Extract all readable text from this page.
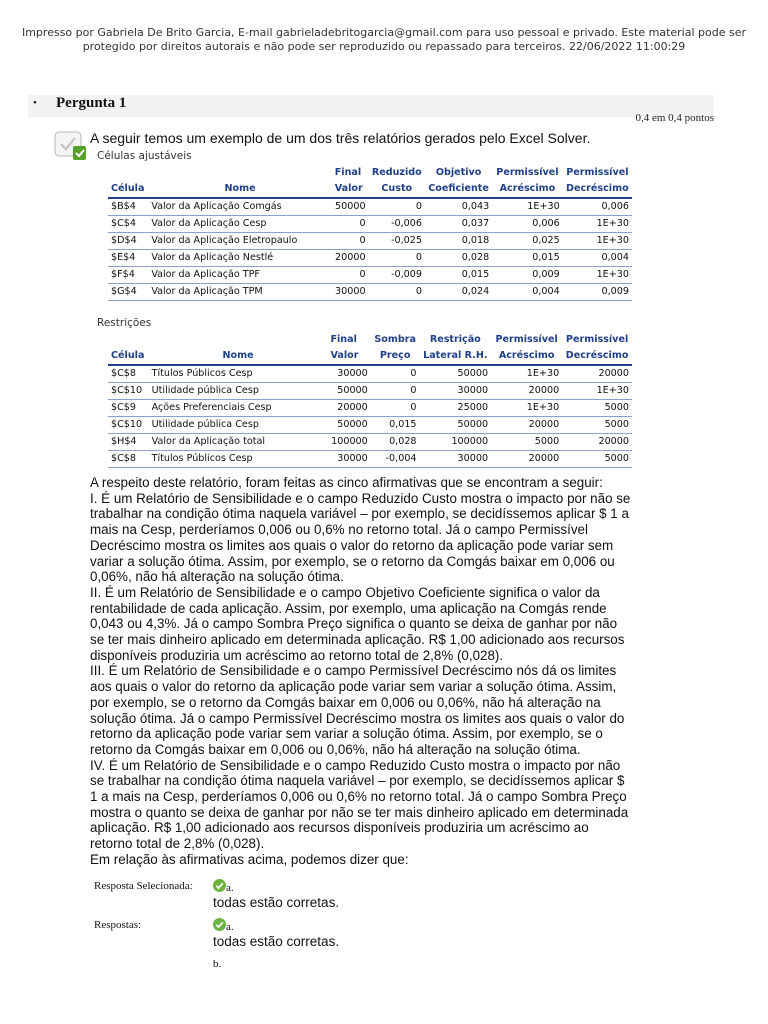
Impresso por Gabriela De Brito Garcia, E-mail gabrieladebritogarcia@gmail.com para uso pessoal e privado. Este material pode ser
protegido por direitos autorais e não pode ser reproduzido ou repassado para terceiros. 22/06/2022 11:00:29
• Pergunta 1
0,4 em 0,4 pontos
A seguir temos um exemplo de um dos três relatórios gerados pelo Excel Solver.
Células ajustáveis
		Final	Reduzido	Objetivo	Permissível	Permissível
Célula	Nome	Valor	Custo	Coeficiente	Acréscimo	Decréscimo
$B$4	Valor da Aplicação Comgás	50000	0	0,043	1E+30	0,006
$C$4	Valor da Aplicação Cesp	0	-0,006	0,037	0,006	1E+30
$D$4	Valor da Aplicação Eletropaulo	0	-0,025	0,018	0,025	1E+30
$E$4	Valor da Aplicação Nestlé	20000	0	0,028	0,015	0,004
$F$4	Valor da Aplicação TPF	0	-0,009	0,015	0,009	1E+30
$G$4	Valor da Aplicação TPM	30000	0	0,024	0,004	0,009
Restrições
		Final	Sombra	Restrição	Permissível	Permissível
Célula	Nome	Valor	Preço	Lateral R.H.	Acréscimo	Decréscimo
$C$8	Títulos Públicos Cesp	30000	0	50000	1E+30	20000
$C$10	Utilidade pública Cesp	50000	0	30000	20000	1E+30
$C$9	Ações Preferenciais Cesp	20000	0	25000	1E+30	5000
$C$10	Utilidade pública Cesp	50000	0,015	50000	20000	5000
$H$4	Valor da Aplicação total	100000	0,028	100000	5000	20000
$C$8	Títulos Públicos Cesp	30000	-0,004	30000	20000	5000

A respeito deste relatório, foram feitas as cinco afirmativas que se encontram a seguir:

I. É um Relatório de Sensibilidade e o campo Reduzido Custo mostra o impacto por não se

trabalhar na condição ótima naquela variável – por exemplo, se decidíssemos aplicar $ 1 a

mais na Cesp, perderíamos 0,006 ou 0,6% no retorno total. Já o campo Permissível

Decréscimo mostra os limites aos quais o valor do retorno da aplicação pode variar sem

variar a solução ótima. Assim, por exemplo, se o retorno da Comgás baixar em 0,006 ou

0,06%, não há alteração na solução ótima.

II. É um Relatório de Sensibilidade e o campo Objetivo Coeficiente significa o valor da

rentabilidade de cada aplicação. Assim, por exemplo, uma aplicação na Comgás rende

0,043 ou 4,3%. Já o campo Sombra Preço significa o quanto se deixa de ganhar por não

se ter mais dinheiro aplicado em determinada aplicação. R$ 1,00 adicionado aos recursos

disponíveis produziria um acréscimo ao retorno total de 2,8% (0,028).

III. É um Relatório de Sensibilidade e o campo Permissível Decréscimo nós dá os limites

aos quais o valor do retorno da aplicação pode variar sem variar a solução ótima. Assim,

por exemplo, se o retorno da Comgás baixar em 0,006 ou 0,06%, não há alteração na

solução ótima. Já o campo Permissível Decréscimo mostra os limites aos quais o valor do

retorno da aplicação pode variar sem variar a solução ótima. Assim, por exemplo, se o

retorno da Comgás baixar em 0,006 ou 0,06%, não há alteração na solução ótima.

IV. É um Relatório de Sensibilidade e o campo Reduzido Custo mostra o impacto por não

se trabalhar na condição ótima naquela variável – por exemplo, se decidíssemos aplicar $

1 a mais na Cesp, perderíamos 0,006 ou 0,6% no retorno total. Já o campo Sombra Preço

mostra o quanto se deixa de ganhar por não se ter mais dinheiro aplicado em determinada

aplicação. R$ 1,00 adicionado aos recursos disponíveis produziria um acréscimo ao

retorno total de 2,8% (0,028).

Em relação às afirmativas acima, podemos dizer que:

Resposta Selecionada:	a.
todas estão corretas.
Respostas:	a.
todas estão corretas.
b.
